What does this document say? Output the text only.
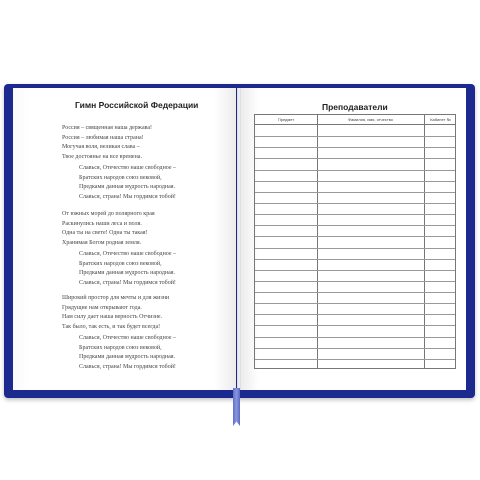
Гимн Российской Федерации
Россия – священная наша держава!
Россия – любимая наша страна!
Могучая воля, великая слава –
Твое достоянье на все времена.
Славься, Отечество наше свободное –
Братских народов союз вековой,
Предками данная мудрость народная.
Славься, страна! Мы гордимся тобой!
От южных морей до полярного края
Раскинулись наши леса и поля.
Одна ты на свете! Одна ты такая!
Хранимая Богом родная земля.
Славься, Отечество наше свободное –
Братских народов союз вековой,
Предками данная мудрость народная.
Славься, страна! Мы гордимся тобой!
Широкий простор для мечты и для жизни
Грядущие нам открывают года.
Нам силу дает наша верность Отчизне.
Так было, так есть, и так будет всегда!
Славься, Отечество наше свободное –
Братских народов союз вековой,
Предками данная мудрость народная.
Славься, страна! Мы гордимся тобой!
Преподаватели
Предмет	Фамилия, имя, отчество	Кабинет №
